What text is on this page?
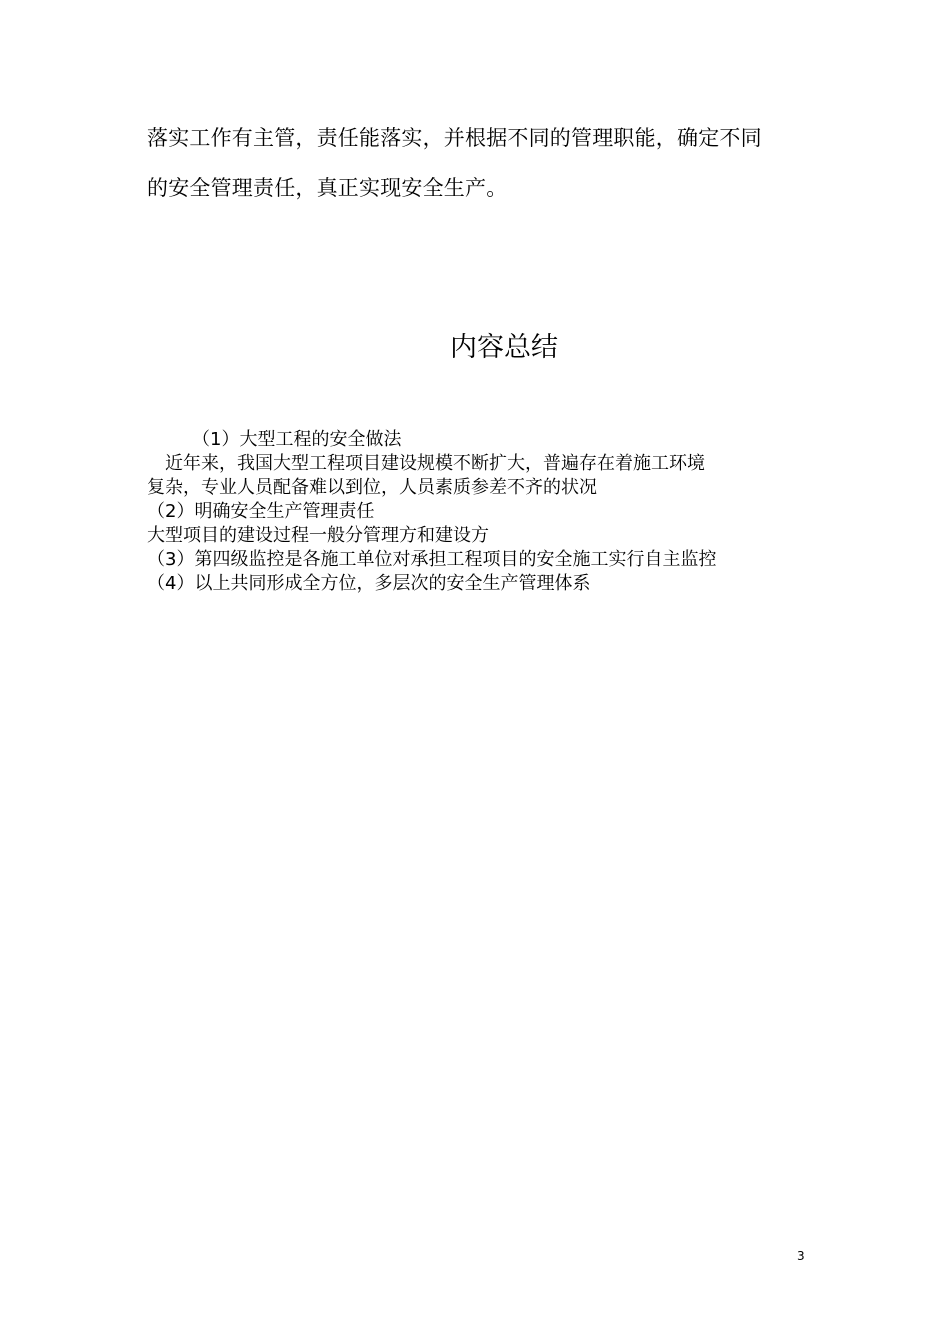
落实工作有主管，责任能落实，并根据不同的管理职能，确定不同
的安全管理责任，真正实现安全生产。
内容总结
（1）大型工程的安全做法
近年来，我国大型工程项目建设规模不断扩大，普遍存在着施工环境
复杂，专业人员配备难以到位，人员素质参差不齐的状况
（2）明确安全生产管理责任
大型项目的建设过程一般分管理方和建设方
（3）第四级监控是各施工单位对承担工程项目的安全施工实行自主监控
（4）以上共同形成全方位，多层次的安全生产管理体系
3
